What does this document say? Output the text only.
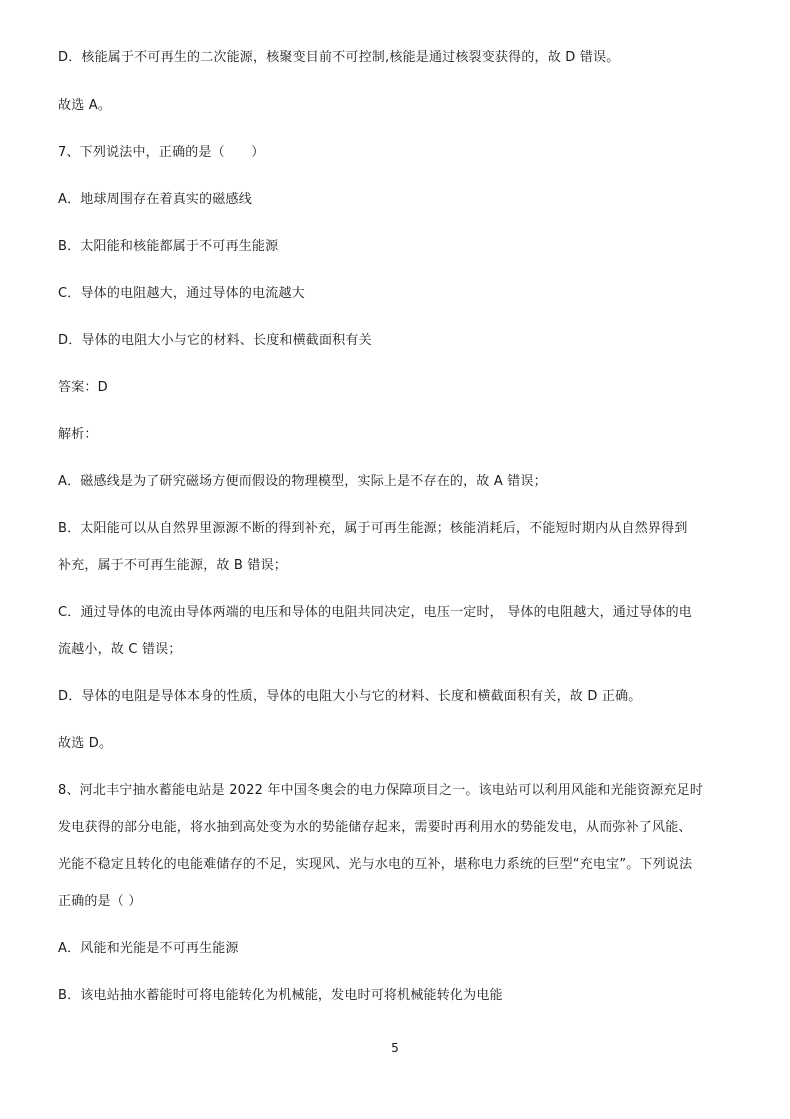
D．核能属于不可再生的二次能源，核聚变目前不可控制,核能是通过核裂变获得的，故 D 错误。
故选 A。
7、下列说法中，正确的是（　　）
A．地球周围存在着真实的磁感线
B．太阳能和核能都属于不可再生能源
C．导体的电阻越大，通过导体的电流越大
D．导体的电阻大小与它的材料、长度和横截面积有关
答案：D
解析：
A．磁感线是为了研究磁场方便而假设的物理模型，实际上是不存在的，故 A 错误；
B．太阳能可以从自然界里源源不断的得到补充，属于可再生能源；核能消耗后，不能短时期内从自然界得到
补充，属于不可再生能源，故 B 错误；
C．通过导体的电流由导体两端的电压和导体的电阻共同决定，电压一定时， 导体的电阻越大，通过导体的电
流越小，故 C 错误；
D．导体的电阻是导体本身的性质，导体的电阻大小与它的材料、长度和横截面积有关，故 D 正确。
故选 D。
8、河北丰宁抽水蓄能电站是 2022 年中国冬奥会的电力保障项目之一。该电站可以利用风能和光能资源充足时
发电获得的部分电能，将水抽到高处变为水的势能储存起来，需要时再利用水的势能发电，从而弥补了风能、
光能不稳定且转化的电能难储存的不足，实现风、光与水电的互补，堪称电力系统的巨型“充电宝”。下列说法
正确的是（ ）
A．风能和光能是不可再生能源
B．该电站抽水蓄能时可将电能转化为机械能，发电时可将机械能转化为电能
5
